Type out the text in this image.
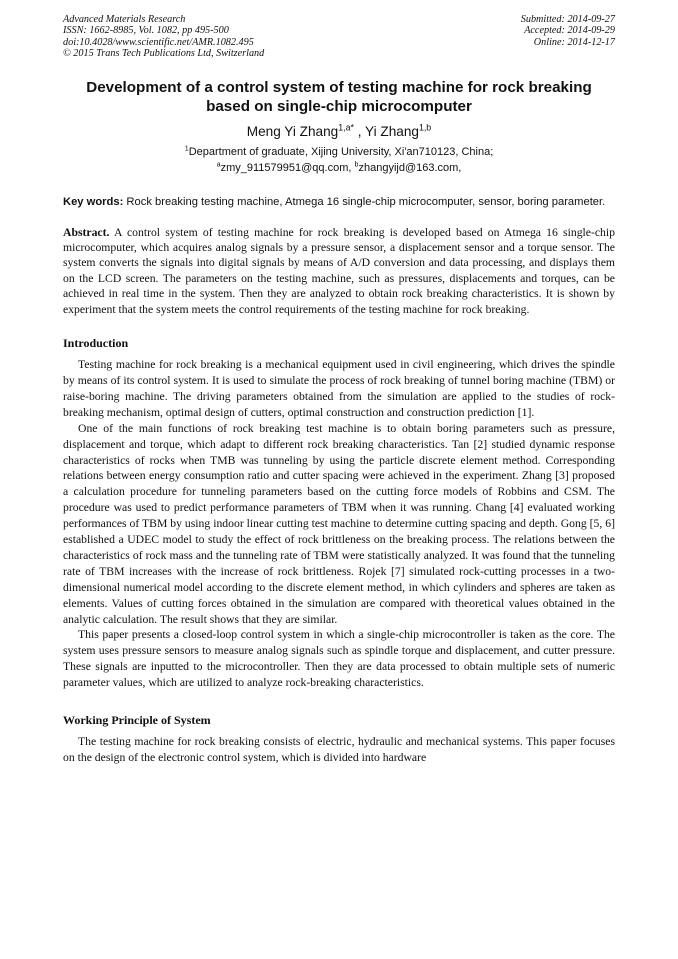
Advanced Materials Research
ISSN: 1662-8985, Vol. 1082, pp 495-500
doi:10.4028/www.scientific.net/AMR.1082.495
© 2015 Trans Tech Publications Ltd, Switzerland
Submitted: 2014-09-27
Accepted: 2014-09-29
Online: 2014-12-17
Development of a control system of testing machine for rock breaking
based on single-chip microcomputer
Meng Yi Zhang$^{1,a*}$ , Yi Zhang$^{1,b}$
$^1$Department of graduate, Xijing University, Xi'an710123, China;
$^a$zmy_911579951@qq.com, $^b$zhangyijd@163.com,
Key words: Rock breaking testing machine, Atmega 16 single-chip microcomputer, sensor, boring parameter.
Abstract. A control system of testing machine for rock breaking is developed based on Atmega 16 single-chip microcomputer, which acquires analog signals by a pressure sensor, a displacement sensor and a torque sensor. The system converts the signals into digital signals by means of A/D conversion and data processing, and displays them on the LCD screen. The parameters on the testing machine, such as pressures, displacements and torques, can be achieved in real time in the system. Then they are analyzed to obtain rock breaking characteristics. It is shown by experiment that the system meets the control requirements of the testing machine for rock breaking.
Introduction

Testing machine for rock breaking is a mechanical equipment used in civil engineering, which drives the spindle by means of its control system. It is used to simulate the process of rock breaking of tunnel boring machine (TBM) or raise-boring machine. The driving parameters obtained from the simulation are applied to the studies of rock-breaking mechanism, optimal design of cutters, optimal construction and construction prediction [1].

One of the main functions of rock breaking test machine is to obtain boring parameters such as pressure, displacement and torque, which adapt to different rock breaking characteristics. Tan [2] studied dynamic response characteristics of rocks when TMB was tunneling by using the particle discrete element method. Corresponding relations between energy consumption ratio and cutter spacing were achieved in the experiment. Zhang [3] proposed a calculation procedure for tunneling parameters based on the cutting force models of Robbins and CSM. The procedure was used to predict performance parameters of TBM when it was running. Chang [4] evaluated working performances of TBM by using indoor linear cutting test machine to determine cutting spacing and depth. Gong [5, 6] established a UDEC model to study the effect of rock brittleness on the breaking process. The relations between the characteristics of rock mass and the tunneling rate of TBM were statistically analyzed. It was found that the tunneling rate of TBM increases with the increase of rock brittleness. Rojek [7] simulated rock-cutting processes in a two-dimensional numerical model according to the discrete element method, in which cylinders and spheres are taken as elements. Values of cutting forces obtained in the simulation are compared with theoretical values obtained in the analytic calculation. The result shows that they are similar.

This paper presents a closed-loop control system in which a single-chip microcontroller is taken as the core. The system uses pressure sensors to measure analog signals such as spindle torque and displacement, and cutter pressure. These signals are inputted to the microcontroller. Then they are data processed to obtain multiple sets of numeric parameter values, which are utilized to analyze rock-breaking characteristics.

Working Principle of System

The testing machine for rock breaking consists of electric, hydraulic and mechanical systems. This paper focuses on the design of the electronic control system, which is divided into hardware
